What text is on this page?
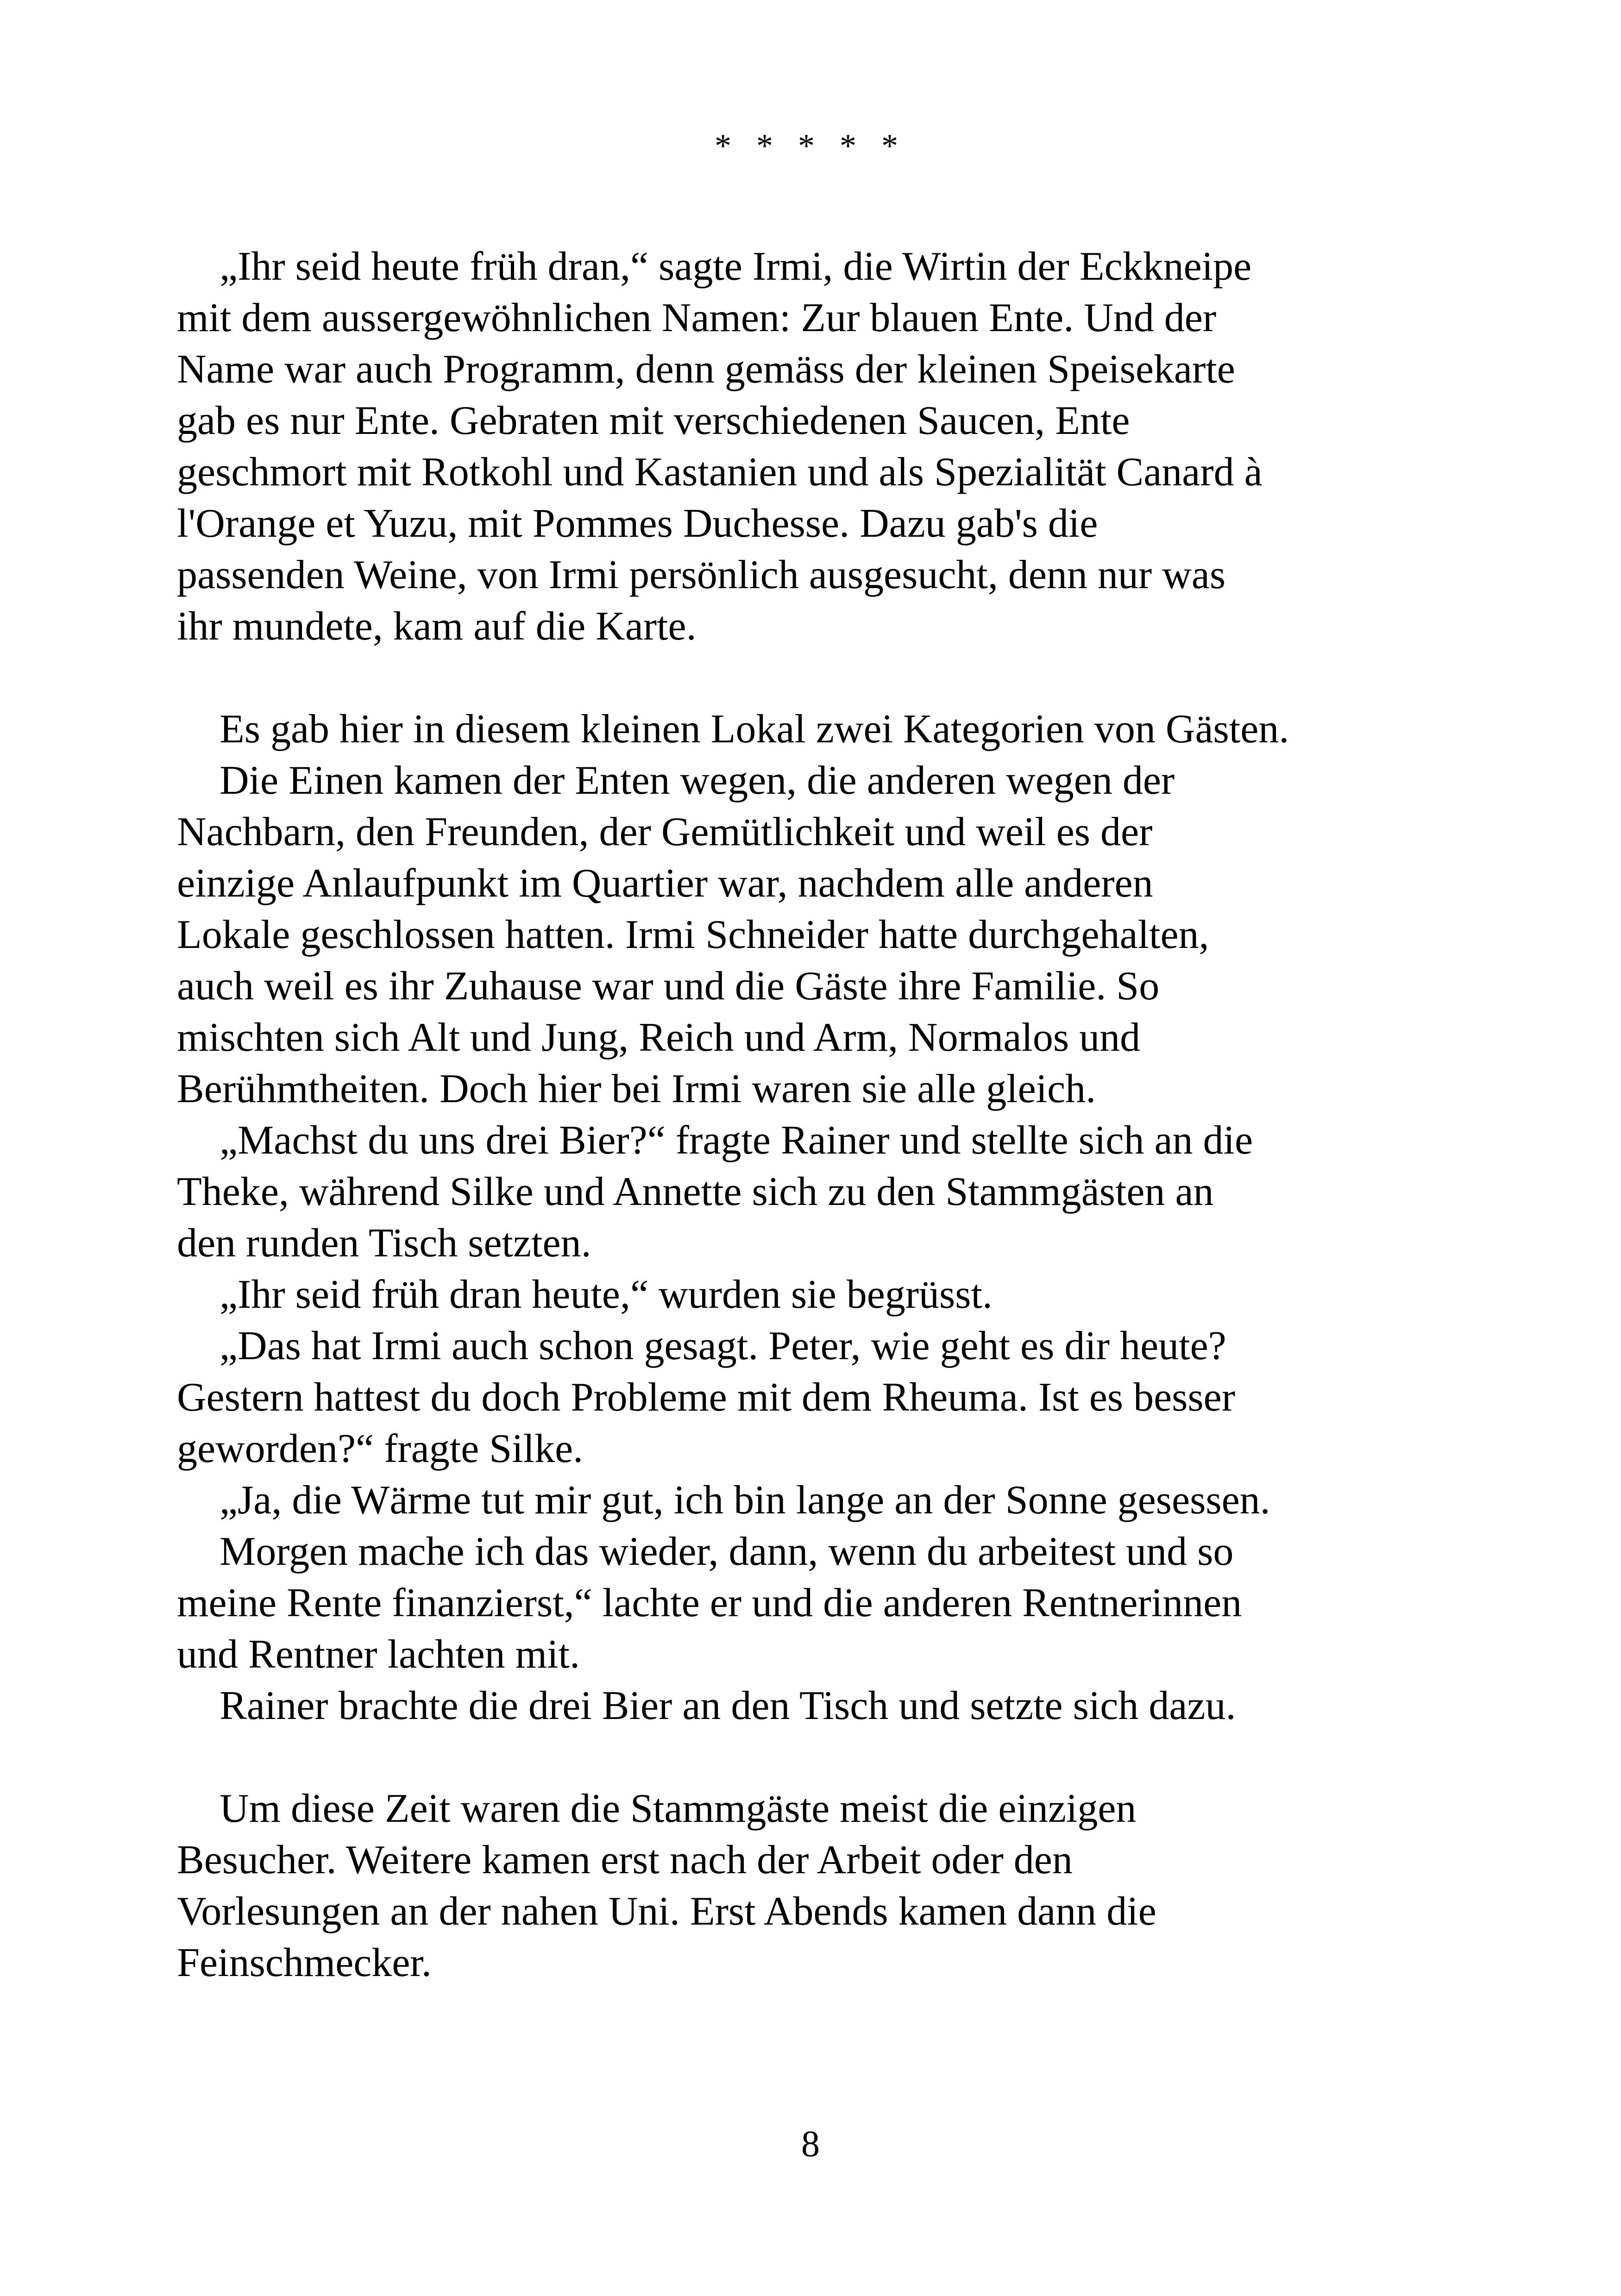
* * * * *
„Ihr seid heute früh dran,“ sagte Irmi, die Wirtin der Eckkneipe
mit dem aussergewöhnlichen Namen: Zur blauen Ente. Und der
Name war auch Programm, denn gemäss der kleinen Speisekarte
gab es nur Ente. Gebraten mit verschiedenen Saucen, Ente
geschmort mit Rotkohl und Kastanien und als Spezialität Canard à
l'Orange et Yuzu, mit Pommes Duchesse. Dazu gab's die
passenden Weine, von Irmi persönlich ausgesucht, denn nur was
ihr mundete, kam auf die Karte.
Es gab hier in diesem kleinen Lokal zwei Kategorien von Gästen.
Die Einen kamen der Enten wegen, die anderen wegen der
Nachbarn, den Freunden, der Gemütlichkeit und weil es der
einzige Anlaufpunkt im Quartier war, nachdem alle anderen
Lokale geschlossen hatten. Irmi Schneider hatte durchgehalten,
auch weil es ihr Zuhause war und die Gäste ihre Familie. So
mischten sich Alt und Jung, Reich und Arm, Normalos und
Berühmtheiten. Doch hier bei Irmi waren sie alle gleich.
„Machst du uns drei Bier?“ fragte Rainer und stellte sich an die
Theke, während Silke und Annette sich zu den Stammgästen an
den runden Tisch setzten.
„Ihr seid früh dran heute,“ wurden sie begrüsst.
„Das hat Irmi auch schon gesagt. Peter, wie geht es dir heute?
Gestern hattest du doch Probleme mit dem Rheuma. Ist es besser
geworden?“ fragte Silke.
„Ja, die Wärme tut mir gut, ich bin lange an der Sonne gesessen.
Morgen mache ich das wieder, dann, wenn du arbeitest und so
meine Rente finanzierst,“ lachte er und die anderen Rentnerinnen
und Rentner lachten mit.
Rainer brachte die drei Bier an den Tisch und setzte sich dazu.
Um diese Zeit waren die Stammgäste meist die einzigen
Besucher. Weitere kamen erst nach der Arbeit oder den
Vorlesungen an der nahen Uni. Erst Abends kamen dann die
Feinschmecker.
8
